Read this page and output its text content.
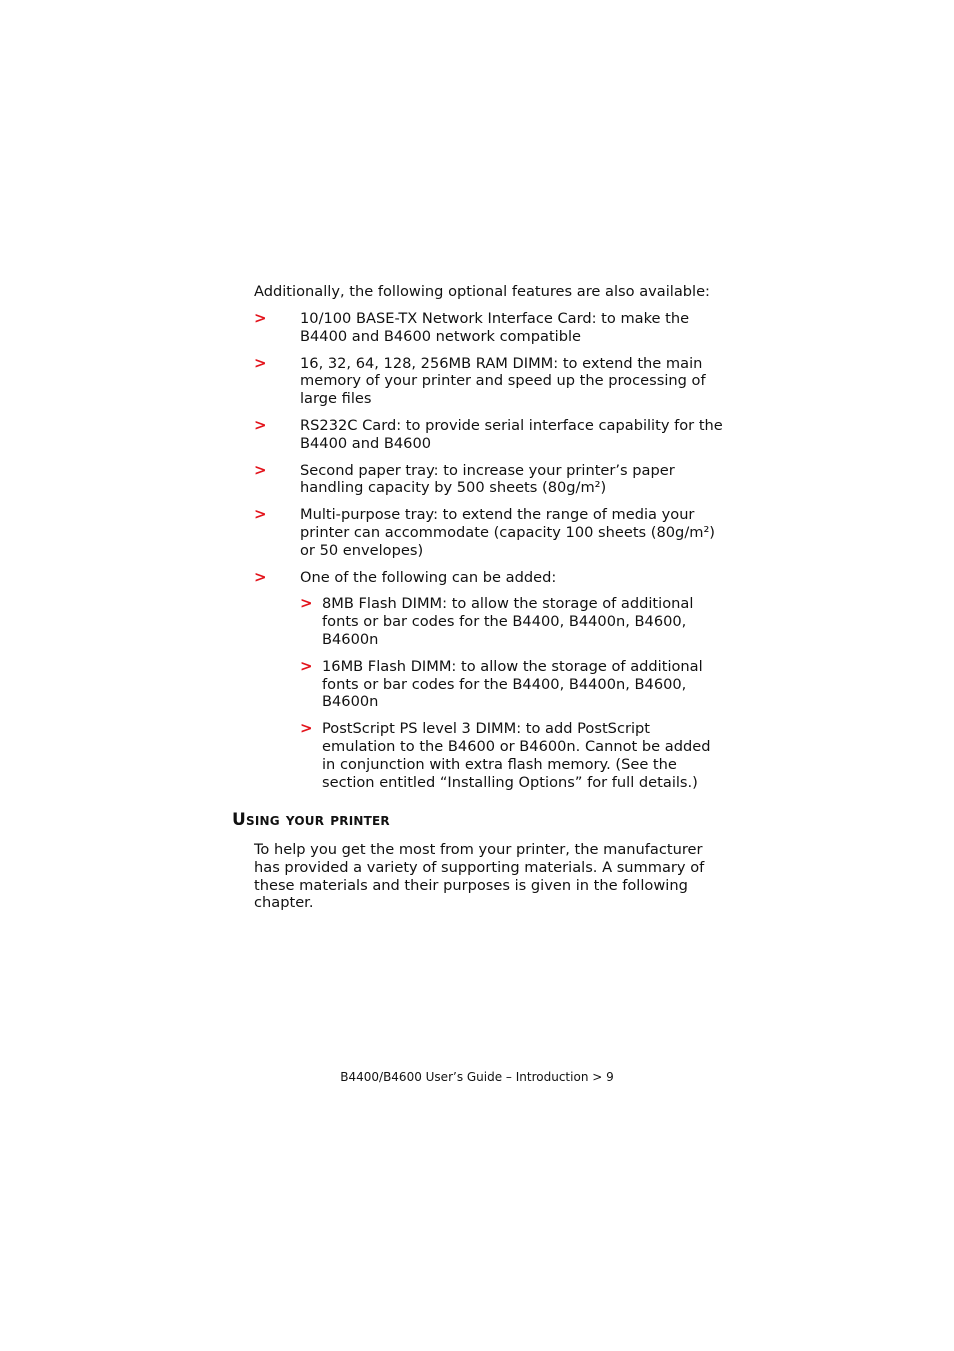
Additionally, the following optional features are also available:

> 10/100 BASE-TX Network Interface Card: to make the B4400 and B4600 network compatible
> 16, 32, 64, 128, 256MB RAM DIMM: to extend the main memory of your printer and speed up the processing of large files
> RS232C Card: to provide serial interface capability for the B4400 and B4600
> Second paper tray: to increase your printer’s paper handling capacity by 500 sheets (80g/m²)
> Multi-purpose tray: to extend the range of media your printer can accommodate (capacity 100 sheets (80g/m²) or 50 envelopes)
> One of the following can be added:
> 8MB Flash DIMM: to allow the storage of additional fonts or bar codes for the B4400, B4400n, B4600, B4600n
> 16MB Flash DIMM: to allow the storage of additional fonts or bar codes for the B4400, B4400n, B4600, B4600n
> PostScript PS level 3 DIMM: to add PostScript emulation to the B4600 or B4600n. Cannot be added in conjunction with extra flash memory. (See the section entitled “Installing Options” for full details.)
Using your printer

To help you get the most from your printer, the manufacturer has provided a variety of supporting materials. A summary of these materials and their purposes is given in the following chapter.

B4400/B4600 User’s Guide – Introduction > 9
